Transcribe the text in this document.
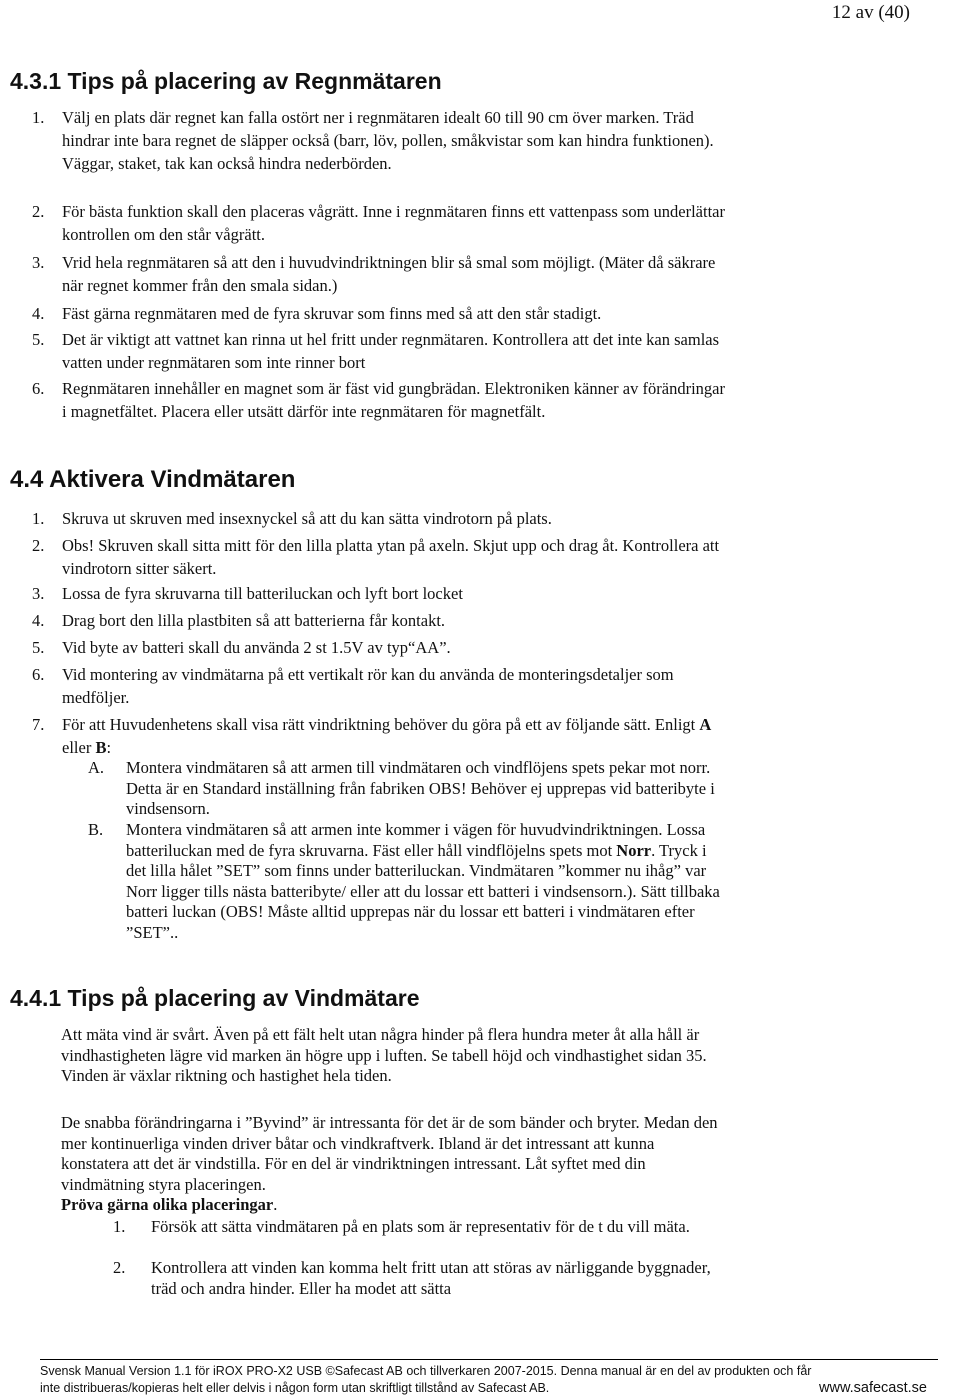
12 av (40)
4.3.1 Tips på placering av Regnmätaren
1.	Välj en plats där regnet kan falla ostört ner i regnmätaren idealt 60 till 90 cm över marken. Träd hindrar inte bara regnet de släpper också (barr, löv, pollen, småkvistar som kan hindra funktionen). Väggar, staket, tak kan också hindra nederbörden.
2.	För bästa funktion skall den placeras vågrätt. Inne i regnmätaren finns ett vattenpass som underlättar kontrollen om den står vågrätt.
3.	Vrid hela regnmätaren så att den i huvudvindriktningen blir så smal som möjligt. (Mäter då säkrare när regnet kommer från den smala sidan.)
4.	Fäst gärna regnmätaren med de fyra skruvar som finns med så att den står stadigt.
5.	Det är viktigt att vattnet kan rinna ut hel fritt under regnmätaren. Kontrollera att det inte kan samlas vatten under regnmätaren som inte rinner bort
6.	Regnmätaren innehåller en magnet som är fäst vid gungbrädan. Elektroniken känner av förändringar i magnetfältet. Placera eller utsätt därför inte regnmätaren för magnetfält.
4.4 Aktivera Vindmätaren
1.	Skruva ut skruven med insexnyckel så att du kan sätta vindrotorn på plats.
2.	Obs! Skruven skall sitta mitt för den lilla platta ytan på axeln. Skjut upp och drag åt. Kontrollera att vindrotorn sitter säkert.
3.	Lossa de fyra skruvarna till batteriluckan och lyft bort locket
4.	Drag bort den lilla plastbiten så att batterierna får kontakt.
5.	Vid byte av batteri skall du använda 2 st 1.5V av typ“AA”.
6.	Vid montering av vindmätarna på ett vertikalt rör kan du använda de monteringsdetaljer som medföljer.
7.	För att Huvudenhetens skall visa rätt vindriktning behöver du göra på ett av följande sätt. Enligt A eller B:
A. Montera vindmätaren så att armen till vindmätaren och vindflöjens spets pekar mot norr. Detta är en Standard inställning från fabriken OBS! Behöver ej upprepas vid batteribyte i vindsensorn.
B. Montera vindmätaren så att armen inte kommer i vägen för huvudvindriktningen. Lossa batteriluckan med de fyra skruvarna. Fäst eller håll vindflöjelns spets mot Norr. Tryck i det lilla hålet ”SET” som finns under batteriluckan. Vindmätaren ”kommer nu ihåg” var Norr ligger tills nästa batteribyte/ eller att du lossar ett batteri i vindsensorn.). Sätt tillbaka batteri luckan (OBS! Måste alltid upprepas när du lossar ett batteri i vindmätaren efter ”SET”..
4.4.1 Tips på placering av Vindmätare

Att mäta vind är svårt. Även på ett fält helt utan några hinder på flera hundra meter åt alla håll är vindhastigheten lägre vid marken än högre upp i luften. Se tabell höjd och vindhastighet sidan 35. Vinden är växlar riktning och hastighet hela tiden.

De snabba förändringarna i ”Byvind” är intressanta för det är de som bänder och bryter. Medan den mer kontinuerliga vinden driver båtar och vindkraftverk. Ibland är det intressant att kunna konstatera att det är vindstilla. För en del är vindriktningen intressant. Låt syftet med din vindmätning styra placeringen.

Pröva gärna olika placeringar.
1. Försök att sätta vindmätaren på en plats som är representativ för de t du vill mäta.
2. Kontrollera att vinden kan komma helt fritt utan att störas av närliggande byggnader, träd och andra hinder. Eller ha modet att sätta
Svensk Manual Version 1.1 för iROX PRO-X2 USB ©Safecast AB och tillverkaren 2007-2015. Denna manual är en del av produkten och får
inte distribueras/kopieras helt eller delvis i någon form utan skriftligt tillstånd av Safecast AB.	www.safecast.se
